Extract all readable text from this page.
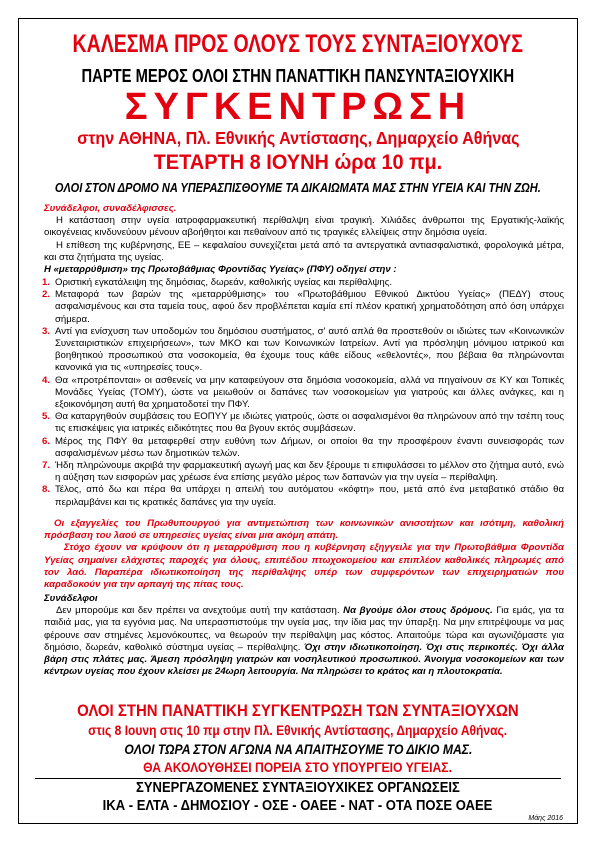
ΚΑΛΕΣΜΑ ΠΡΟΣ ΟΛΟΥΣ ΤΟΥΣ ΣΥΝΤΑΞΙΟΥΧΟΥΣ
ΠΑΡΤΕ ΜΕΡΟΣ ΟΛΟΙ ΣΤΗΝ ΠΑΝΑΤΤΙΚΗ ΠΑΝΣΥΝΤΑΞΙΟΥΧΙΚΗ
ΣΥΓΚΕΝΤΡΩΣΗ
στην ΑΘΗΝΑ, Πλ. Εθνικής Αντίστασης, Δημαρχείο Αθήνας
ΤΕΤΑΡΤΗ 8 ΙΟΥΝΗ ώρα 10 πμ.
ΟΛΟΙ ΣΤΟΝ ΔΡΟΜΟ ΝΑ ΥΠΕΡΑΣΠΙΣΘΟΥΜΕ ΤΑ ΔΙΚΑΙΩΜΑΤΑ ΜΑΣ ΣΤΗΝ ΥΓΕΙΑ ΚΑΙ ΤΗΝ ΖΩΗ.

Συνάδελφοι, συναδέλφισσες.

Η κατάσταση στην υγεία ιατροφαρμακευτική περίθαλψη είναι τραγική. Χιλιάδες άνθρωποι της Εργατικής-λαϊκής οικογένειας κινδυνεύουν μένουν αβοήθητοι και πεθαίνουν από τις τραγικές ελλείψεις στην δημόσια υγεία.

Η επίθεση της κυβέρνησης, ΕΕ – κεφαλαίου συνεχίζεται μετά από τα αντεργατικά αντιασφαλιστικά, φορολογικά μέτρα, και στα ζητήματα της υγείας.

Η «μεταρρύθμιση» της Πρωτοβάθμιας Φροντίδας Υγείας» (ΠΦΥ) οδηγεί στην :

1. Οριστική εγκατάλειψη της δημόσιας, δωρεάν, καθολικής υγείας και περίθαλψης.
2. Μεταφορά των βαρών της «μεταρρύθμισης» του «Πρωτοβάθμιου Εθνικού Δικτύου Υγείας» (ΠΕΔΥ) στους ασφαλισμένους και στα ταμεία τους, αφού δεν προβλέπεται καμία επί πλέον κρατική χρηματοδότηση από όση υπάρχει σήμερα.
3. Αντί για ενίσχυση των υποδομών του δημόσιου συστήματος, σ' αυτό απλά θα προστεθούν οι ιδιώτες των «Κοινωνικών Συνεταιριστικών επιχειρήσεων», των ΜΚΟ και των Κοινωνικών Ιατρείων. Αντί για πρόσληψη μόνιμου ιατρικού και βοηθητικού προσωπικού στα νοσοκομεία, θα έχουμε τους κάθε είδους «εθελοντές», που βέβαια θα πληρώνονται κανονικά για τις «υπηρεσίες τους».
4. Θα «προτρέπονται» οι ασθενείς να μην καταφεύγουν στα δημόσια νοσοκομεία, αλλά να πηγαίνουν σε ΚΥ και Τοπικές Μονάδες Υγείας (ΤΟΜΥ), ώστε να μειωθούν οι δαπάνες των νοσοκομείων για γιατρούς και άλλες ανάγκες, και η εξοικονόμηση αυτή θα χρηματοδοτεί την ΠΦΥ.
5. Θα καταργηθούν συμβάσεις του ΕΟΠΥΥ με ιδιώτες γιατρούς, ώστε οι ασφαλισμένοι θα πληρώνουν από την τσέπη τους τις επισκέψεις για ιατρικές ειδικότητες που θα βγουν εκτός συμβάσεων.
6. Μέρος της ΠΦΥ θα μεταφερθεί στην ευθύνη των Δήμων, οι οποίοι θα την προσφέρουν έναντι συνεισφοράς των ασφαλισμένων μέσω των δημοτικών τελών.
7. Ήδη πληρώνουμε ακριβά την φαρμακευτική αγωγή μας και δεν ξέρουμε τι επιφυλάσσει το μέλλον στο ζήτημα αυτό, ενώ η αύξηση των εισφορών μας χρέωσε ένα επίσης μεγάλο μέρος των δαπανών για την υγεία – περίθαλψη.
8. Τέλος, από δω και πέρα θα υπάρχει η απειλή του αυτόματου «κόφτη» που, μετά από ένα μεταβατικό στάδιο θα περιλαμβάνει και τις κρατικές δαπάνες για την υγεία.

Οι εξαγγελίες του Πρωθυπουργού για αντιμετώπιση των κοινωνικών ανισοτήτων και ισότιμη, καθολική πρόσβαση του λαού σε υπηρεσίες υγείας είναι μια ακόμη απάτη.

Στόχο έχουν να κρύψουν ότι η μεταρρύθμιση που η κυβέρνηση εξηγγειλε για την Πρωτοβάθμια Φροντίδα Υγείας σημαίνει ελάχιστες παροχές για όλους, επιπέδου πτωχοκομείου και επιπλέον καθολικές πληρωμές από τον λαό. Παραπέρα ιδιωτικοποίηση της περίθαλψης υπέρ των συμφερόντων των επιχειρηματιών που καραδοκούν για την αρπαγή της πίτας τους.

Συνάδελφοι

Δεν μπορούμε και δεν πρέπει να ανεχτούμε αυτή την κατάσταση. Να βγούμε όλοι στους δρόμους. Για εμάς, για τα παιδιά μας, για τα εγγόνια μας. Να υπερασπιστούμε την υγεία μας, την ίδια μας την ύπαρξη. Να μην επιτρέψουμε να μας φέρουνε σαν στημένες λεμονόκουπες, να θεωρούν την περίθαλψη μας κόστος. Απαιτούμε τώρα και αγωνιζόμαστε για δημόσιο, δωρεάν, καθολικό σύστημα υγείας – περίθαλψης. Όχι στην ιδιωτικοποίηση. Όχι στις περικοπές. Όχι άλλα βάρη στις πλάτες μας. Άμεση πρόσληψη γιατρών και νοσηλευτικού προσωπικού. Άνοιγμα νοσοκομείων και των κέντρων υγείας που έχουν κλείσει με 24ωρη λειτουργία. Να πληρώσει το κράτος και η πλουτοκρατία.

ΟΛΟΙ ΣΤΗΝ ΠΑΝΑΤΤΙΚΗ ΣΥΓΚΕΝΤΡΩΣΗ ΤΩΝ ΣΥΝΤΑΞΙΟΥΧΩΝ
στις 8 Ιουνη στις 10 πμ στην Πλ. Εθνικής Αντίστασης, Δημαρχείο Αθήνας.
ΟΛΟΙ ΤΩΡΑ ΣΤΟΝ ΑΓΩΝΑ ΝΑ ΑΠΑΙΤΗΣΟΥΜΕ ΤΟ ΔΙΚΙΟ ΜΑΣ.
ΘΑ ΑΚΟΛΟΥΘΗΣΕΙ ΠΟΡΕΙΑ ΣΤΟ ΥΠΟΥΡΓΕΙΟ ΥΓΕΙΑΣ.
ΣΥΝΕΡΓΑΖΟΜΕΝΕΣ ΣΥΝΤΑΞΙΟΥΧΙΚΕΣ ΟΡΓΑΝΩΣΕΙΣ
ΙΚΑ - ΕΛΤΑ - ΔΗΜΟΣΙΟΥ - ΟΣΕ - ΟΑΕΕ - ΝΑΤ - ΟΤΑ ΠΟΣΕ ΟΑΕΕ
Μάης 2016
